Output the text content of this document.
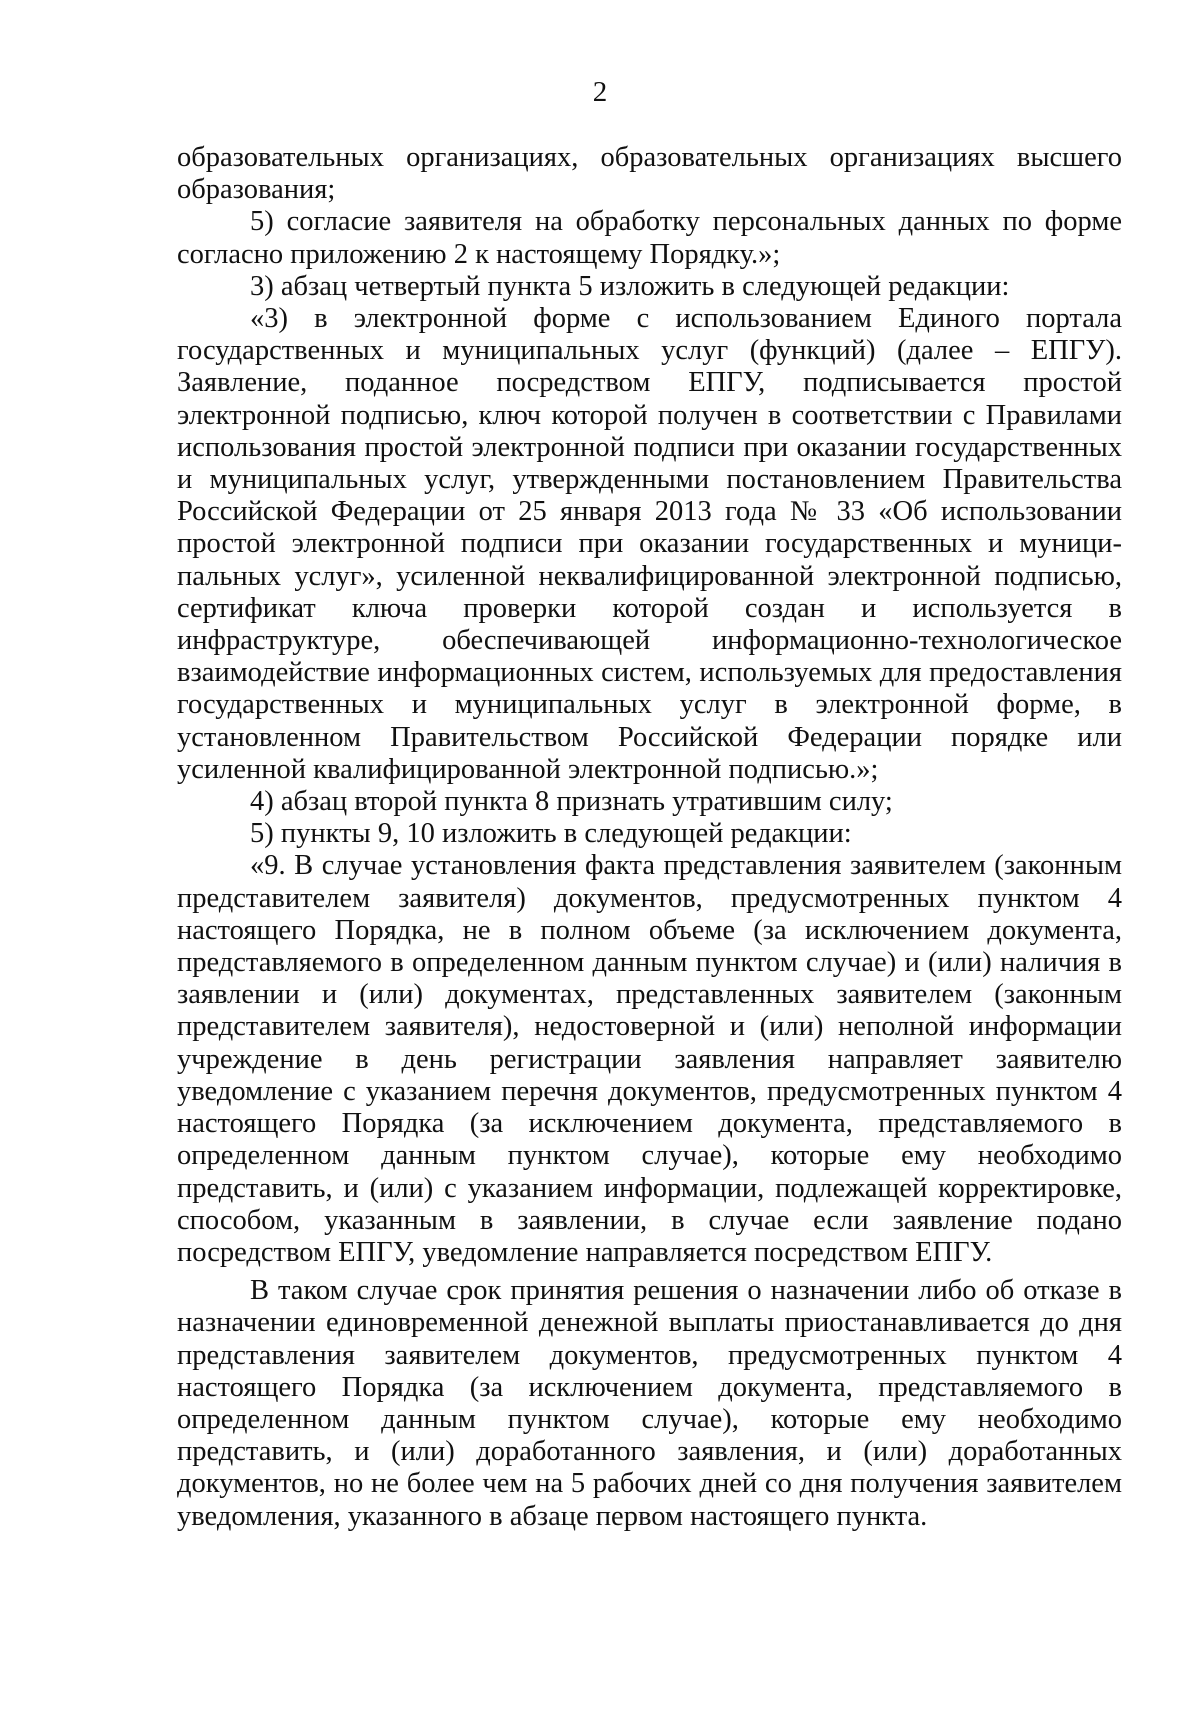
2

образовательных организациях, образовательных организациях высшего образования;

5) согласие заявителя на обработку персональных данных по форме согласно приложению 2 к настоящему Порядку.»;

3) абзац четвертый пункта 5 изложить в следующей редакции:

«3) в электронной форме с использованием Единого портала государственных и муниципальных услуг (функций) (далее – ЕПГУ). Заявление, поданное посредством ЕПГУ, подписывается простой электронной подписью, ключ которой получен в соответствии с Правилами использования простой электронной подписи при оказании государственных и муниципальных услуг, утвержденными постановлением Правительства Российской Федерации от 25 января 2013 года № 33 «Об использовании простой электронной подписи при оказании государственных и муниципальных услуг», усиленной неквалифицированной электронной подписью, сертификат ключа проверки которой создан и используется в инфраструктуре, обеспечивающей информационно-технологическое взаимодействие информационных систем, используемых для предоставления государственных и муниципальных услуг в электронной форме, в установленном Правительством Российской Федерации порядке или усиленной квалифицированной электронной подписью.»;

4) абзац второй пункта 8 признать утратившим силу;

5) пункты 9, 10 изложить в следующей редакции:

«9. В случае установления факта представления заявителем (законным представителем заявителя) документов, предусмотренных пунктом 4 настоящего Порядка, не в полном объеме (за исключением документа, представляемого в определенном данным пунктом случае) и (или) наличия в заявлении и (или) документах, представленных заявителем (законным представителем заявителя), недостоверной и (или) неполной информации учреждение в день регистрации заявления направляет заявителю уведомление с указанием перечня документов, предусмотренных пунктом 4 настоящего Порядка (за исключением документа, представляемого в определенном данным пунктом случае), которые ему необходимо представить, и (или) с указанием информации, подлежащей корректировке, способом, указанным в заявлении, в случае если заявление подано посредством ЕПГУ, уведомление направляется посредством ЕПГУ.

В таком случае срок принятия решения о назначении либо об отказе в назначении единовременной денежной выплаты приостанавливается до дня представления заявителем документов, предусмотренных пунктом 4 настоящего Порядка (за исключением документа, представляемого в определенном данным пунктом случае), которые ему необходимо представить, и (или) доработанного заявления, и (или) доработанных документов, но не более чем на 5 рабочих дней со дня получения заявителем уведомления, указанного в абзаце первом настоящего пункта.
